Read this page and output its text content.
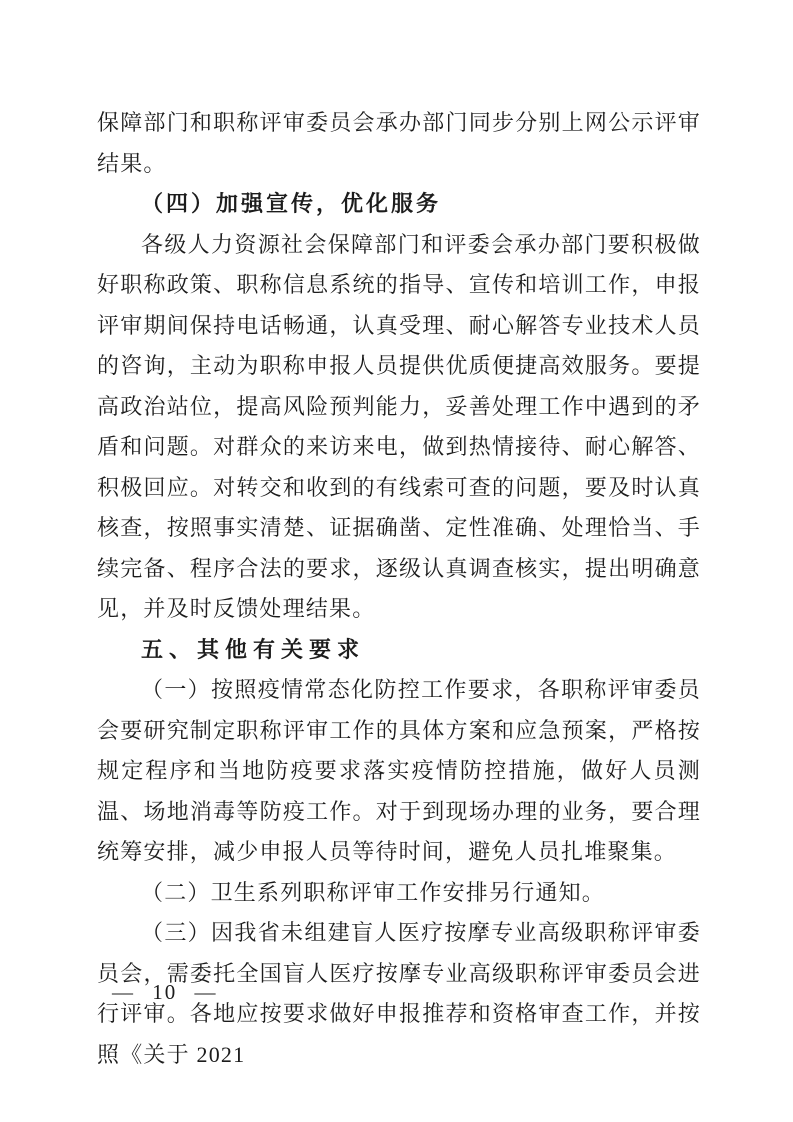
保障部门和职称评审委员会承办部门同步分别上网公示评审结果。

（四）加强宣传，优化服务

各级人力资源社会保障部门和评委会承办部门要积极做好职称政策、职称信息系统的指导、宣传和培训工作，申报评审期间保持电话畅通，认真受理、耐心解答专业技术人员的咨询，主动为职称申报人员提供优质便捷高效服务。要提高政治站位，提高风险预判能力，妥善处理工作中遇到的矛盾和问题。对群众的来访来电，做到热情接待、耐心解答、积极回应。对转交和收到的有线索可查的问题，要及时认真核查，按照事实清楚、证据确凿、定性准确、处理恰当、手续完备、程序合法的要求，逐级认真调查核实，提出明确意见，并及时反馈处理结果。

五、其他有关要求

（一）按照疫情常态化防控工作要求，各职称评审委员会要研究制定职称评审工作的具体方案和应急预案，严格按规定程序和当地防疫要求落实疫情防控措施，做好人员测温、场地消毒等防疫工作。对于到现场办理的业务，要合理统筹安排，减少申报人员等待时间，避免人员扎堆聚集。

（二）卫生系列职称评审工作安排另行通知。

（三）因我省未组建盲人医疗按摩专业高级职称评审委员会，需委托全国盲人医疗按摩专业高级职称评审委员会进行评审。各地应按要求做好申报推荐和资格审查工作，并按照《关于 2021

— 10 —
